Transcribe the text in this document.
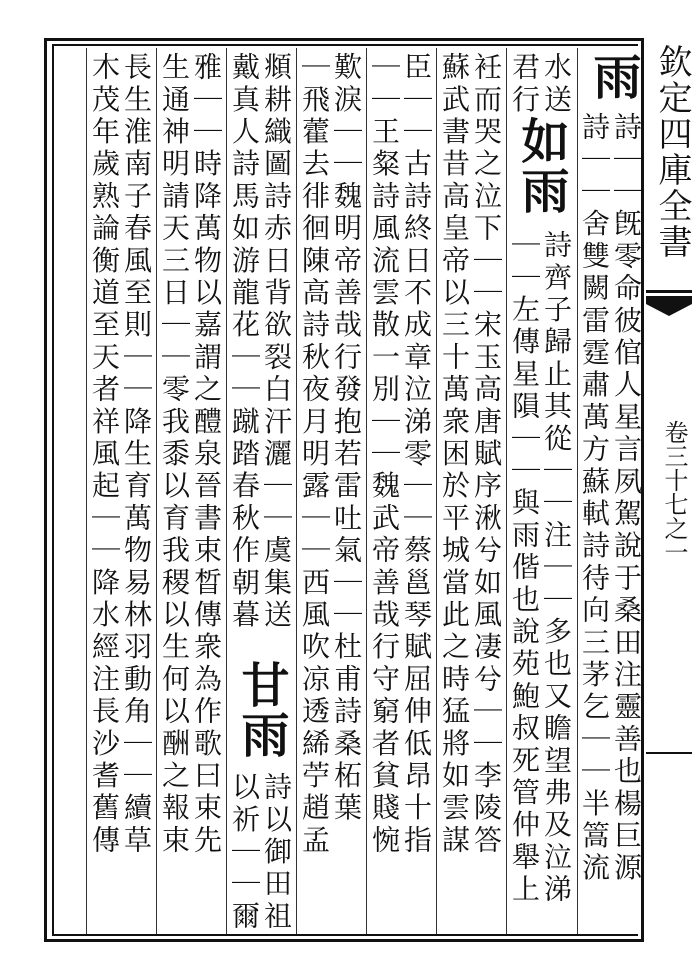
欽定四庫全書
卷三十七之一
雨
詩｜｜旣零命彼倌人星言夙駕說于桑田注靈善也楊巨源
詩｜｜舍雙闕雷霆肅萬方蘇軾詩待向三茅乞｜｜半篙流
水送
君行
如雨
詩齊子歸止其從｜｜注｜｜多也又瞻望弗及泣涕
｜｜左傳星隕｜｜與雨偕也說苑鮑叔死管仲舉上
衽而哭之泣下｜｜宋玉高唐賦序湫兮如風凄兮｜｜李陵答
蘇武書昔高皇帝以三十萬衆困於平城當此之時猛將如雲謀
臣｜｜古詩終日不成章泣涕零｜｜蔡邕琴賦屈伸低昂十指
｜｜王粲詩風流雲散一別｜｜魏武帝善哉行守窮者貧賤惋
歎淚｜｜魏明帝善哉行發抱若雷吐氣｜｜杜甫詩桑柘葉
｜飛藿去徘徊陳高詩秋夜月明露｜｜西風吹凉透絺苧趙孟
頫耕織圖詩赤日背欲裂白汗灑｜｜虞集送
戴真人詩馬如游龍花｜｜蹴踏春秋作朝暮
甘雨
詩以御田祖
以祈｜｜爾
雅｜｜時降萬物以嘉謂之醴泉晉書束晳傳衆為作歌曰束先
生通神明請天三日｜｜零我黍以育我稷以生何以酬之報束
長生淮南子春風至則｜｜降生育萬物易林羽動角｜｜續草
木茂年歲熟論衡道至天者祥風起｜｜降水經注長沙耆舊傳
